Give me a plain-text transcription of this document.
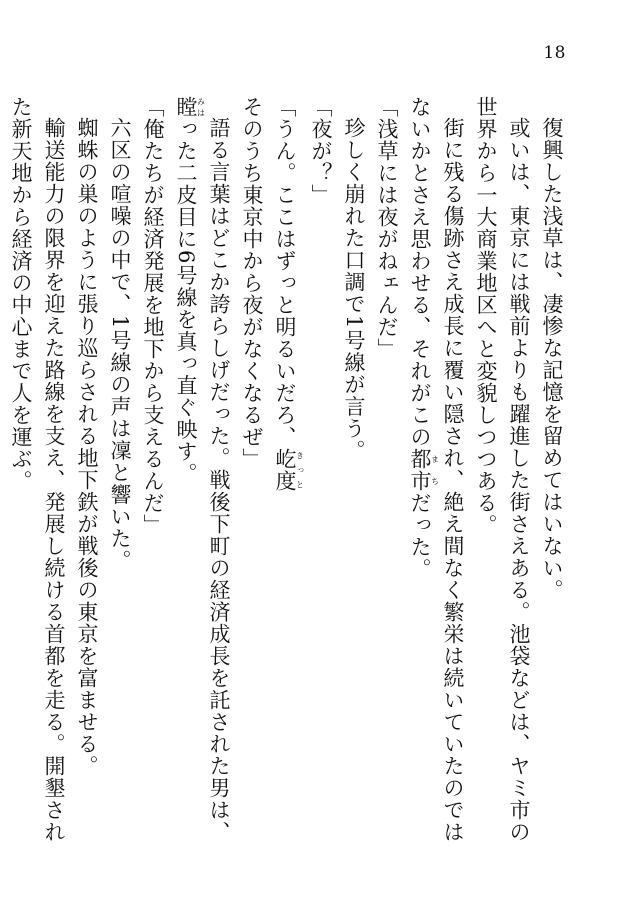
18

復興した浅草は、凄惨な記憶を留めてはいない。

或いは、東京には戦前よりも躍進した街さえある。池袋などは、ヤミ市の世界から一大商業地区へと変貌しつつある。

街に残る傷跡さえ成長に覆い隠され、絶え間なく繁栄は続いていたのではないかとさえ思わせる、それがこの都市まちだった。

「浅草には夜がねェんだ」

珍しく崩れた口調で1号線が言う。

「夜が？」

「うん。ここはずっと明るいだろ、屹度きっとそのうち東京中から夜がなくなるぜ」

語る言葉はどこか誇らしげだった。戦後下町の経済成長を託された男は、瞠みはった二皮目に6号線を真っ直ぐ映す。

「俺たちが経済発展を地下から支えるんだ」

六区の喧噪の中で、1号線の声は凜と響いた。

蜘蛛の巣のように張り巡らされる地下鉄が戦後の東京を富ませる。

輸送能力の限界を迎えた路線を支え、発展し続ける首都を走る。開墾された新天地から経済の中心まで人を運ぶ。
